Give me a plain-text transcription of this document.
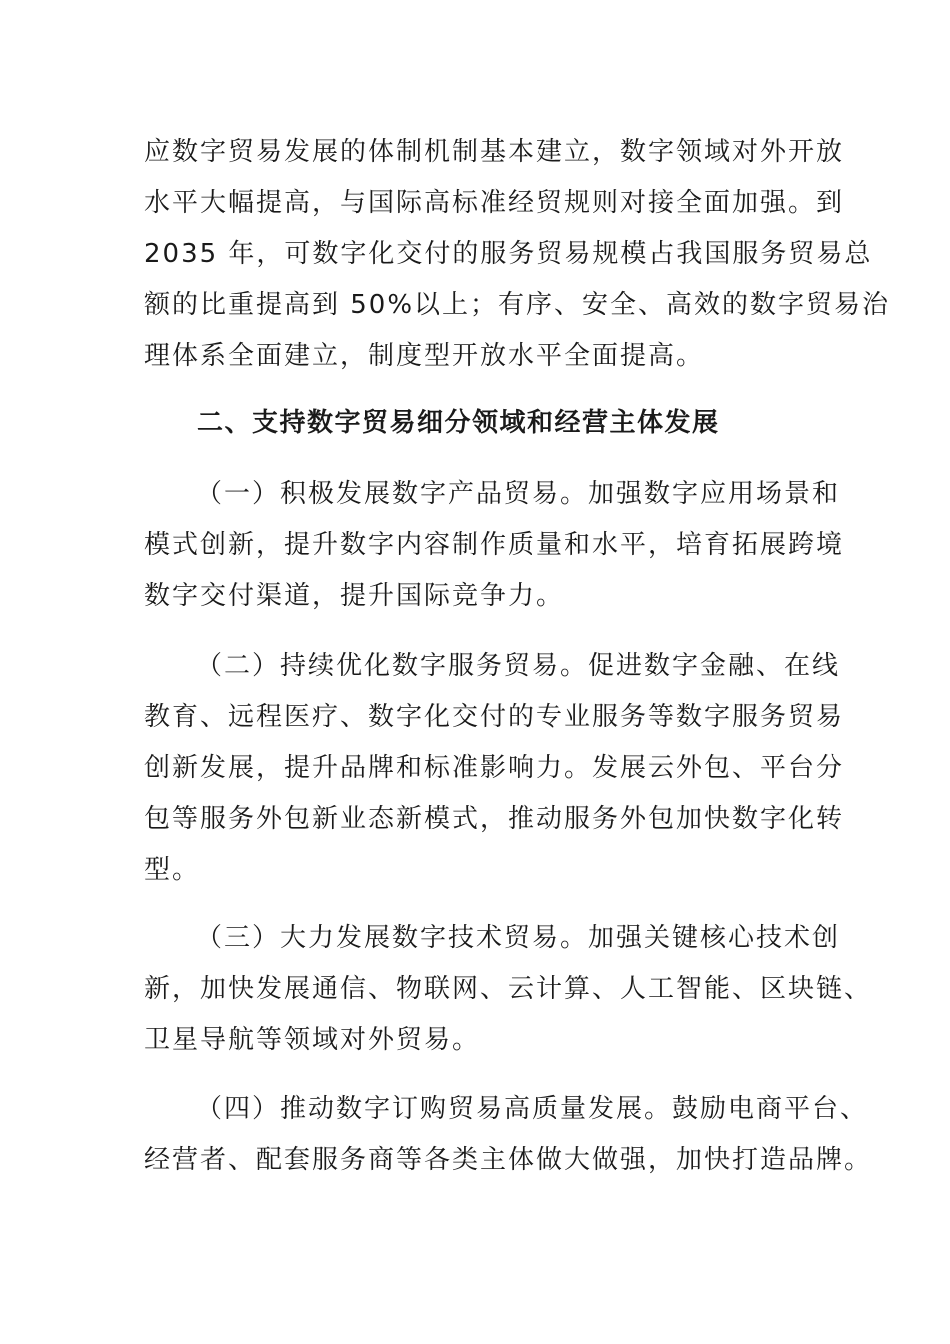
应数字贸易发展的体制机制基本建立，数字领域对外开放
水平大幅提高，与国际高标准经贸规则对接全面加强。到
2035 年，可数字化交付的服务贸易规模占我国服务贸易总
额的比重提高到 50%以上；有序、安全、高效的数字贸易治
理体系全面建立，制度型开放水平全面提高。
二、支持数字贸易细分领域和经营主体发展
（一）积极发展数字产品贸易。加强数字应用场景和
模式创新，提升数字内容制作质量和水平，培育拓展跨境
数字交付渠道，提升国际竞争力。
（二）持续优化数字服务贸易。促进数字金融、在线
教育、远程医疗、数字化交付的专业服务等数字服务贸易
创新发展，提升品牌和标准影响力。发展云外包、平台分
包等服务外包新业态新模式，推动服务外包加快数字化转
型。
（三）大力发展数字技术贸易。加强关键核心技术创
新，加快发展通信、物联网、云计算、人工智能、区块链、
卫星导航等领域对外贸易。
（四）推动数字订购贸易高质量发展。鼓励电商平台、
经营者、配套服务商等各类主体做大做强，加快打造品牌。
